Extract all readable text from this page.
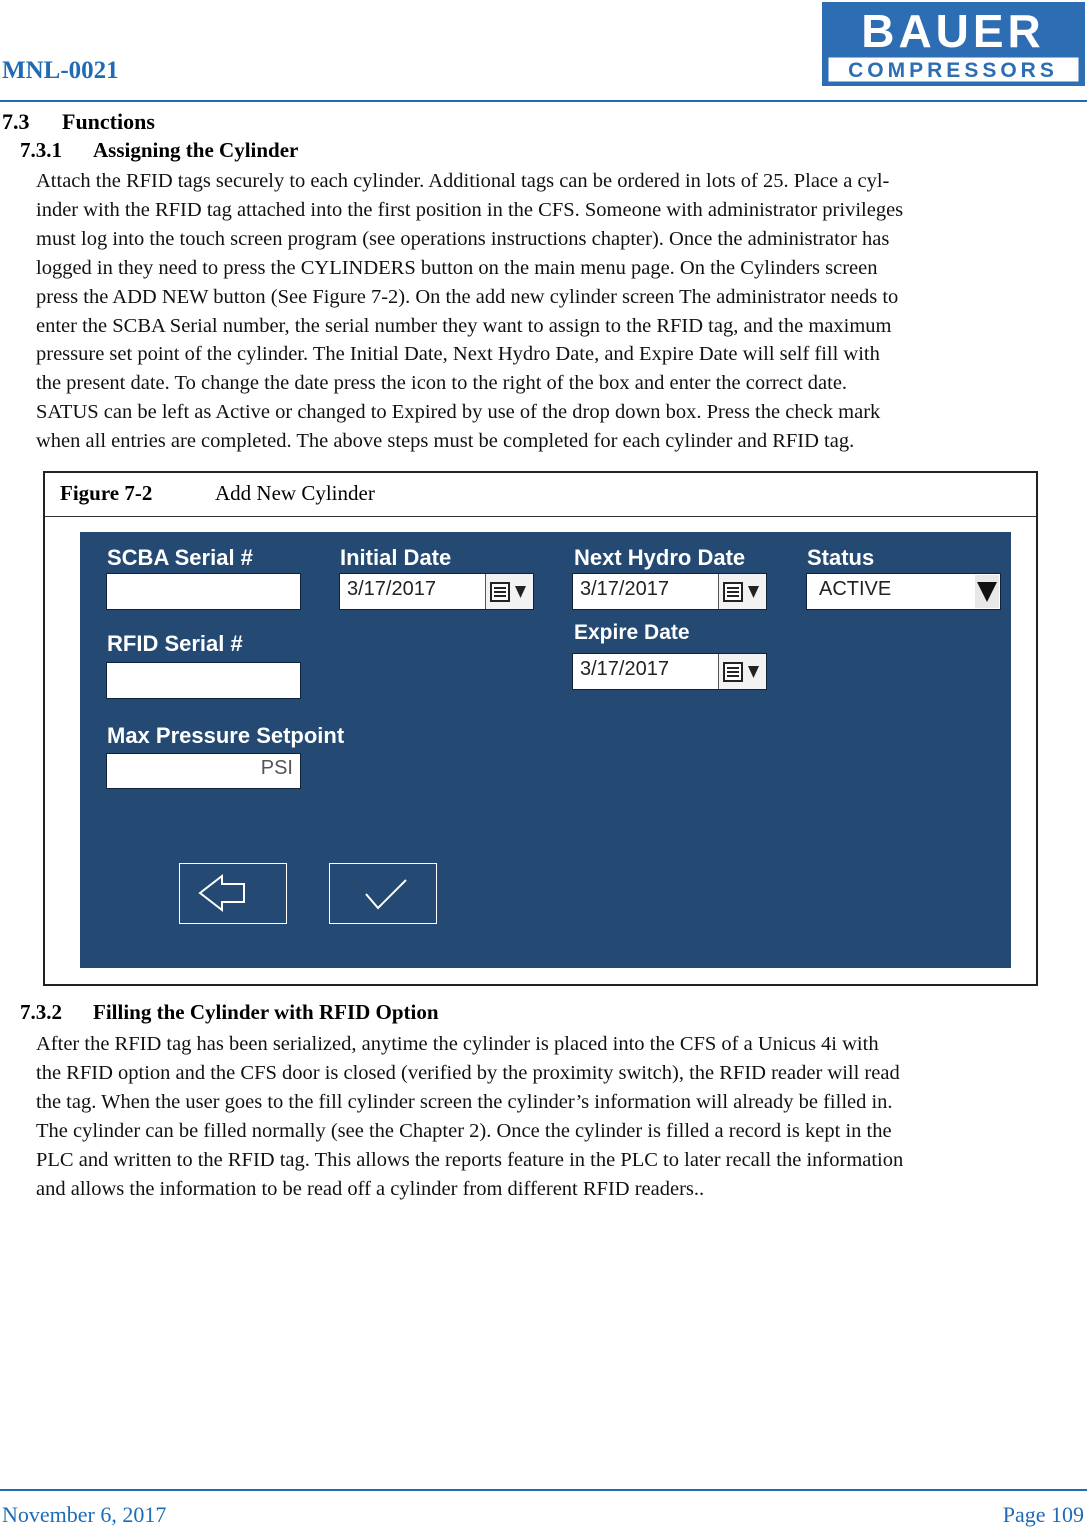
MNL-0021
BAUER
COMPRESSORS
7.3 Functions
7.3.1 Assigning the Cylinder
Attach the RFID tags securely to each cylinder. Additional tags can be ordered in lots of 25. Place a cyl-
inder with the RFID tag attached into the first position in the CFS. Someone with administrator privileges
must log into the touch screen program (see operations instructions chapter). Once the administrator has
logged in they need to press the CYLINDERS button on the main menu page. On the Cylinders screen
press the ADD NEW button (See Figure 7-2). On the add new cylinder screen The administrator needs to
enter the SCBA Serial number, the serial number they want to assign to the RFID tag, and the maximum
pressure set point of the cylinder. The Initial Date, Next Hydro Date, and Expire Date will self fill with
the present date. To change the date press the icon to the right of the box and enter the correct date.
SATUS can be left as Active or changed to Expired by use of the drop down box. Press the check mark
when all entries are completed. The above steps must be completed for each cylinder and RFID tag.
Figure 7-2	Add New Cylinder
SCBA Serial #
RFID Serial #
Max Pressure Setpoint
PSI
Initial Date
3/17/2017
Next Hydro Date
3/17/2017
Expire Date
3/17/2017
Status
ACTIVE
7.3.2 Filling the Cylinder with RFID Option
After the RFID tag has been serialized, anytime the cylinder is placed into the CFS of a Unicus 4i with
the RFID option and the CFS door is closed (verified by the proximity switch), the RFID reader will read
the tag. When the user goes to the fill cylinder screen the cylinder’s information will already be filled in.
The cylinder can be filled normally (see the Chapter 2). Once the cylinder is filled a record is kept in the
PLC and written to the RFID tag. This allows the reports feature in the PLC to later recall the information
and allows the information to be read off a cylinder from different RFID readers..
November 6, 2017	Page 109
